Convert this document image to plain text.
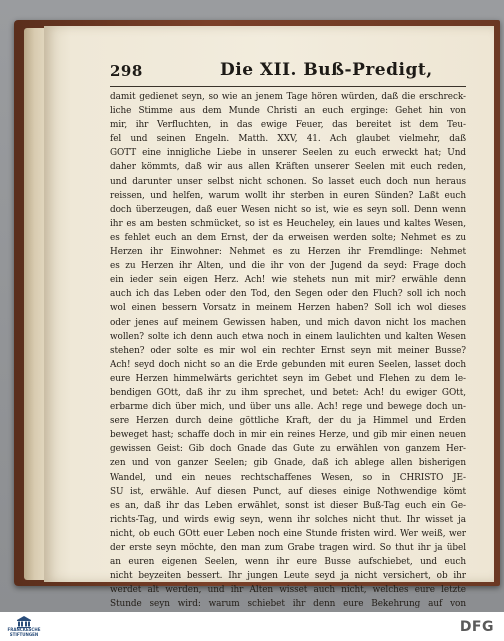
298	Die XII. Buß-Predigt,
damit gedienet seyn, so wie an jenem Tage hören würden, daß die erschreck-
liche Stimme aus dem Munde Christi an euch erginge: Gehet hin von
mir, ihr Verfluchten, in das ewige Feuer, das bereitet ist dem Teu-
fel und seinen Engeln. Matth. XXV, 41. Ach glaubet vielmehr, daß
GOTT eine innigliche Liebe in unserer Seelen zu euch erweckt hat; Und
daher kömmts, daß wir aus allen Kräften unserer Seelen mit euch reden,
und darunter unser selbst nicht schonen. So lasset euch doch nun heraus
reissen, und helfen, warum wollt ihr sterben in euren Sünden? Laßt euch
doch überzeugen, daß euer Wesen nicht so ist, wie es seyn soll. Denn wenn
ihr es am besten schmücket, so ist es Heucheley, ein laues und kaltes Wesen,
es fehlet euch an dem Ernst, der da erweisen werden solte; Nehmet es zu
Herzen ihr Einwohner: Nehmet es zu Herzen ihr Fremdlinge: Nehmet
es zu Herzen ihr Alten, und die ihr von der Jugend da seyd: Frage doch
ein ieder sein eigen Herz. Ach! wie stehets nun mit mir? erwähle denn
auch ich das Leben oder den Tod, den Segen oder den Fluch? soll ich noch
wol einen bessern Vorsatz in meinem Herzen haben? Soll ich wol dieses
oder jenes auf meinem Gewissen haben, und mich davon nicht los machen
wollen? solte ich denn auch etwa noch in einem laulichten und kalten Wesen
stehen? oder solte es mir wol ein rechter Ernst seyn mit meiner Busse?
Ach! seyd doch nicht so an die Erde gebunden mit euren Seelen, lasset doch
eure Herzen himmelwärts gerichtet seyn im Gebet und Flehen zu dem le-
bendigen GOtt, daß ihr zu ihm sprechet, und betet: Ach! du ewiger GOtt,
erbarme dich über mich, und über uns alle. Ach! rege und bewege doch un-
sere Herzen durch deine göttliche Kraft, der du ja Himmel und Erden
beweget hast; schaffe doch in mir ein reines Herze, und gib mir einen neuen
gewissen Geist: Gib doch Gnade das Gute zu erwählen von ganzem Her-
zen und von ganzer Seelen; gib Gnade, daß ich ablege allen bisherigen
Wandel, und ein neues rechtschaffenes Wesen, so in CHRISTO JE-
SU ist, erwähle. Auf diesen Punct, auf dieses einige Nothwendige kömt
es an, daß ihr das Leben erwählet, sonst ist dieser Buß-Tag euch ein Ge-
richts-Tag, und wirds ewig seyn, wenn ihr solches nicht thut. Ihr wisset ja
nicht, ob euch GOtt euer Leben noch eine Stunde fristen wird. Wer weiß, wer
der erste seyn möchte, den man zum Grabe tragen wird. So thut ihr ja übel
an euren eigenen Seelen, wenn ihr eure Busse aufschiebet, und euch
nicht beyzeiten bessert. Ihr jungen Leute seyd ja nicht versichert, ob ihr
werdet alt werden, und ihr Alten wisset auch nicht, welches eure letzte
Stunde seyn wird: warum schiebet ihr denn eure Bekehrung auf von
FRANCKESCHE
STIFTUNGEN	DFG
